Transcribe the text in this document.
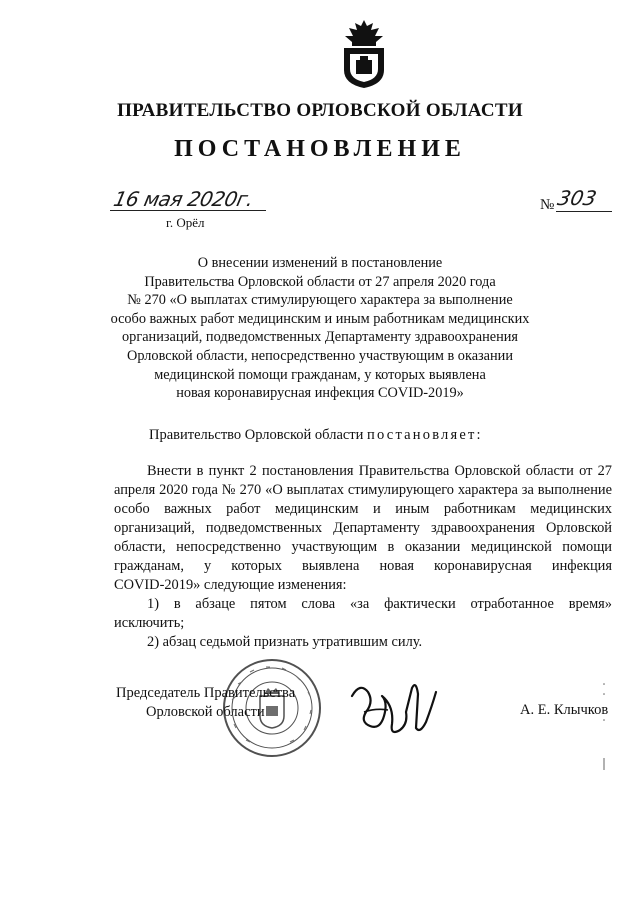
ПРАВИТЕЛЬСТВО ОРЛОВСКОЙ ОБЛАСТИ
ПОСТАНОВЛЕНИЕ
16 мая 2020г.
г. Орёл
№ 303
О внесении изменений в постановление
Правительства Орловской области от 27 апреля 2020 года
№ 270 «О выплатах стимулирующего характера за выполнение
особо важных работ медицинским и иным работникам медицинских
организаций, подведомственных Департаменту здравоохранения
Орловской области, непосредственно участвующим в оказании
медицинской помощи гражданам, у которых выявлена
новая коронавирусная инфекция COVID-2019»
Правительство Орловской области постановляет:

Внести в пункт 2 постановления Правительства Орловской области от 27 апреля 2020 года № 270 «О выплатах стимулирующего характера за выполнение особо важных работ медицинским и иным работникам медицинских организаций, подведомственных Департаменту здравоохранения Орловской области, непосредственно участвующим в оказании медицинской помощи гражданам, у которых выявлена новая коронавирусная инфекция

COVID-2019» следующие изменения:

1) в абзаце пятом слова «за фактически отработанное время»

исключить;

2) абзац седьмой признать утратившим силу.

Председатель Правительства
Орловской области	А. Е. Клычков
